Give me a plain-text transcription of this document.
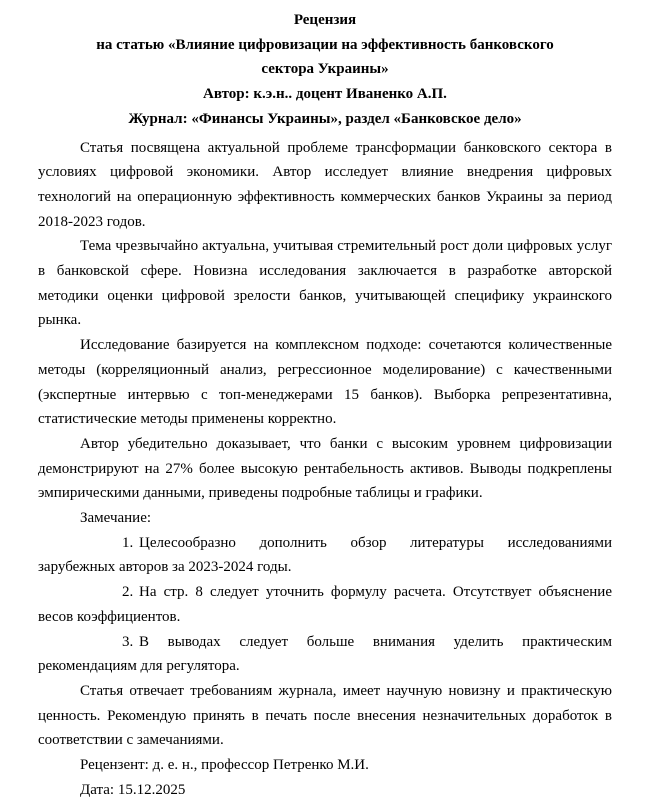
Рецензия

на статью «Влияние цифровизации на эффективность банковского сектора Украины»

Автор: к.э.н.. доцент Иваненко А.П.

Журнал: «Финансы Украины», раздел «Банковское дело»

Статья посвящена актуальной проблеме трансформации банковского сектора в условиях цифровой экономики. Автор исследует влияние внедрения цифровых технологий на операционную эффективность коммерческих банков Украины за период 2018-2023 годов.

Тема чрезвычайно актуальна, учитывая стремительный рост доли цифровых услуг в банковской сфере. Новизна исследования заключается в разработке авторской методики оценки цифровой зрелости банков, учитывающей специфику украинского рынка.

Исследование базируется на комплексном подходе: сочетаются количественные методы (корреляционный анализ, регрессионное моделирование) с качественными (экспертные интервью с топ-менеджерами 15 банков). Выборка репрезентативна, статистические методы применены корректно.

Автор убедительно доказывает, что банки с высоким уровнем цифровизации демонстрируют на 27% более высокую рентабельность активов. Выводы подкреплены эмпирическими данными, приведены подробные таблицы и графики.

Замечание:

1. Целесообразно дополнить обзор литературы исследованиями зарубежных авторов за 2023-2024 годы.

2. На стр. 8 следует уточнить формулу расчета. Отсутствует объяснение весов коэффициентов.

3. В выводах следует больше внимания уделить практическим рекомендациям для регулятора.

Статья отвечает требованиям журнала, имеет научную новизну и практическую ценность. Рекомендую принять в печать после внесения незначительных доработок в соответствии с замечаниями.

Рецензент: д. е. н., профессор Петренко М.И.

Дата: 15.12.2025
